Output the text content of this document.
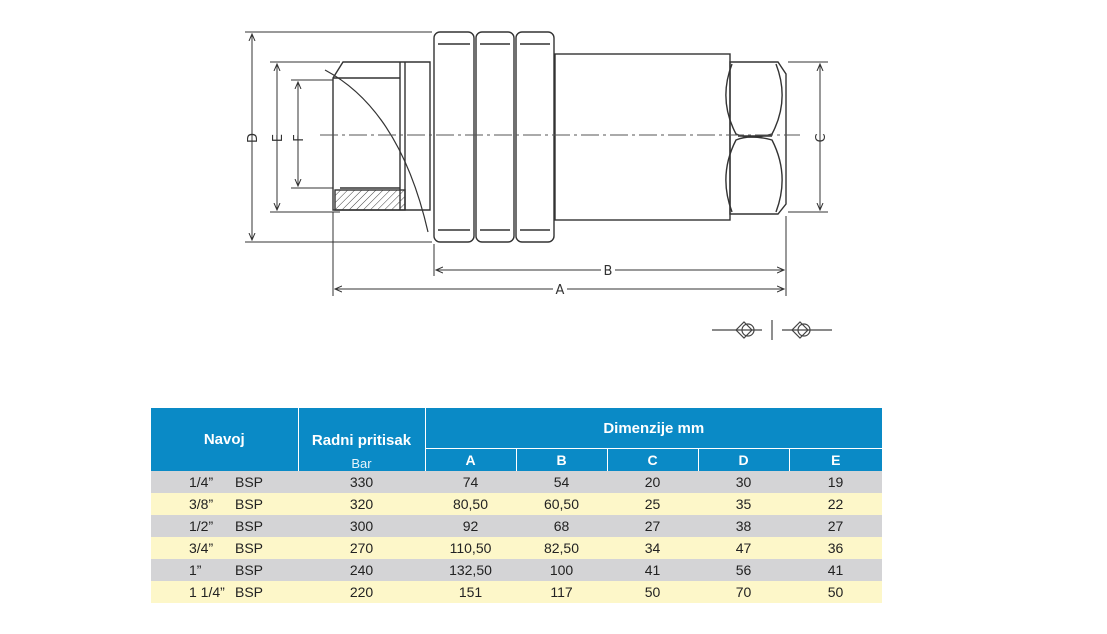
D E F	C
B
A
Navoj	Radni pritisak	Dimenzije mm				
	Bar	A	B	C	D	E
1/4” BSP	330	74	54	20	30	19
3/8” BSP	320	80,50	60,50	25	35	22
1/2” BSP	300	92	68	27	38	27
3/4” BSP	270	110,50	82,50	34	47	36
1” BSP	240	132,50	100	41	56	41
1 1/4” BSP	220	151	117	50	70	50
